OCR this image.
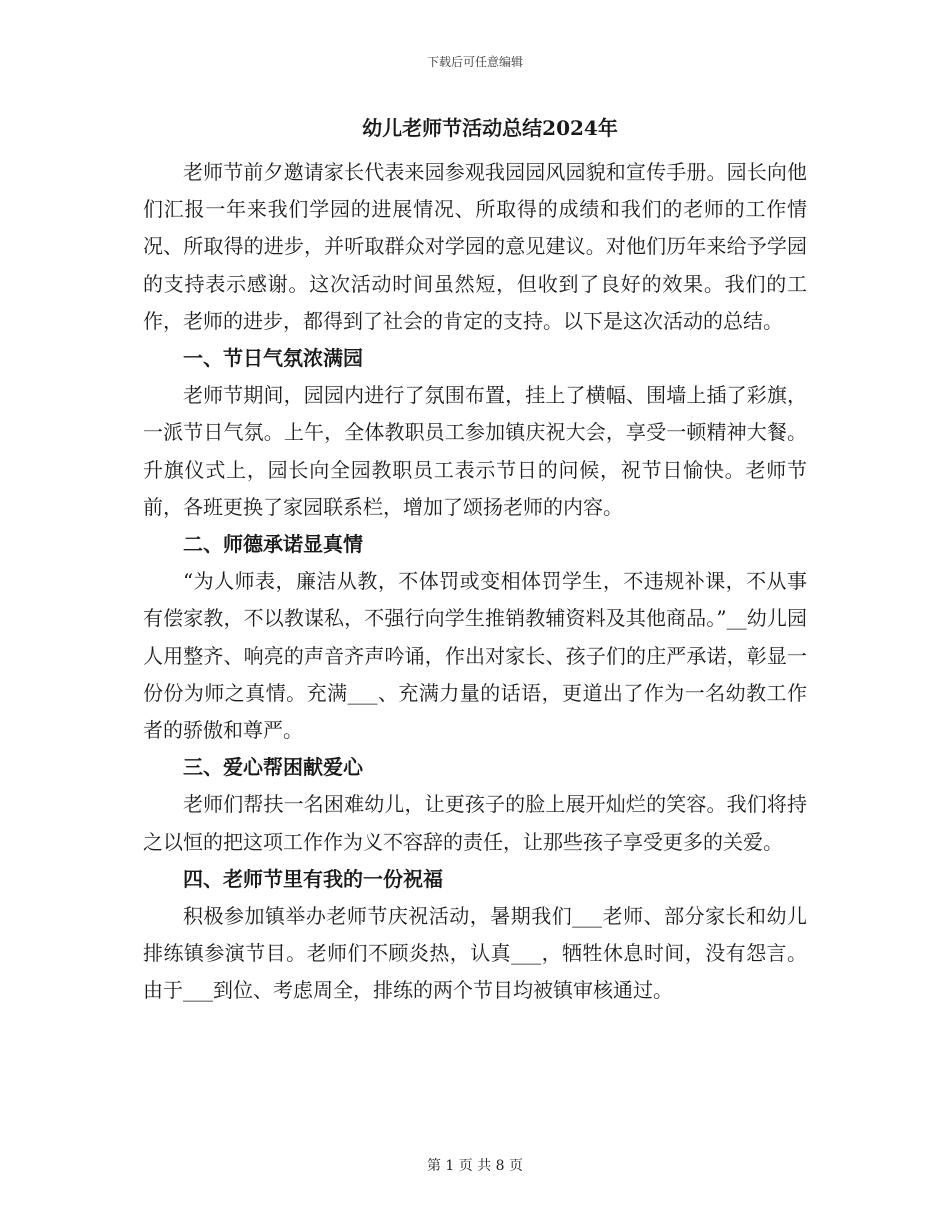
下载后可任意编辑
幼儿老师节活动总结2024年

老师节前夕邀请家长代表来园参观我园园风园貌和宣传手册。园长向他们汇报一年来我们学园的进展情况、所取得的成绩和我们的老师的工作情况、所取得的进步，并听取群众对学园的意见建议。对他们历年来给予学园的支持表示感谢。这次活动时间虽然短，但收到了良好的效果。我们的工作，老师的进步，都得到了社会的肯定的支持。以下是这次活动的总结。

一、节日气氛浓满园

老师节期间，园园内进行了氛围布置，挂上了横幅、围墙上插了彩旗，一派节日气氛。上午，全体教职员工参加镇庆祝大会，享受一顿精神大餐。升旗仪式上，园长向全园教职员工表示节日的问候，祝节日愉快。老师节前，各班更换了家园联系栏，增加了颂扬老师的内容。

二、师德承诺显真情

“为人师表，廉洁从教，不体罚或变相体罚学生，不违规补课，不从事有偿家教，不以教谋私，不强行向学生推销教辅资料及其他商品。”__幼儿园人用整齐、响亮的声音齐声吟诵，作出对家长、孩子们的庄严承诺，彰显一份份为师之真情。充满___、充满力量的话语，更道出了作为一名幼教工作者的骄傲和尊严。

三、爱心帮困献爱心

老师们帮扶一名困难幼儿，让更孩子的脸上展开灿烂的笑容。我们将持之以恒的把这项工作作为义不容辞的责任，让那些孩子享受更多的关爱。

四、老师节里有我的一份祝福

积极参加镇举办老师节庆祝活动，暑期我们___老师、部分家长和幼儿排练镇参演节目。老师们不顾炎热，认真___，牺牲休息时间，没有怨言。由于___到位、考虑周全，排练的两个节目均被镇审核通过。

第 1 页 共 8 页
